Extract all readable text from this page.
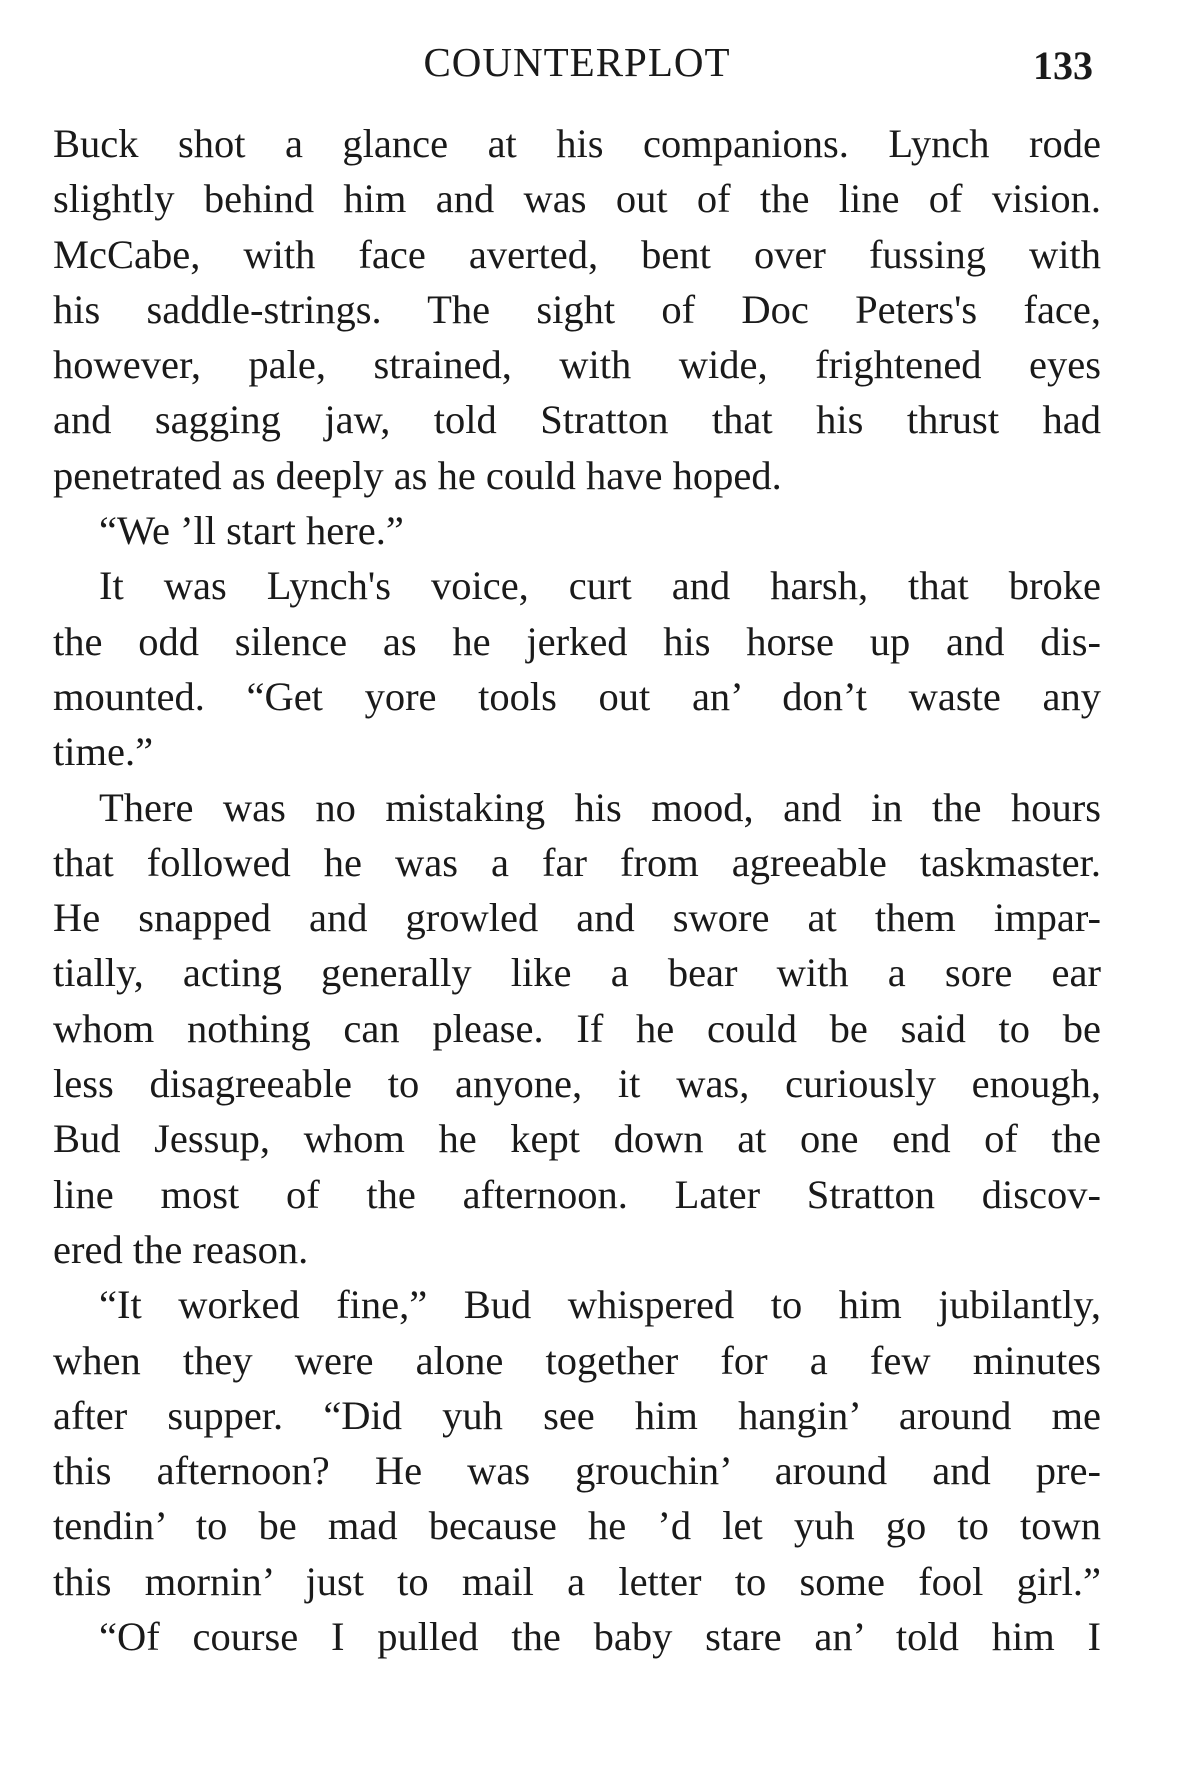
COUNTERPLOT	133
Buck shot a glance at his companions. Lynch rode
slightly behind him and was out of the line of vision.
McCabe, with face averted, bent over fussing with
his saddle-strings. The sight of Doc Peters's face,
however, pale, strained, with wide, frightened eyes
and sagging jaw, told Stratton that his thrust had
penetrated as deeply as he could have hoped.
“We ’ll start here.”
It was Lynch's voice, curt and harsh, that broke
the odd silence as he jerked his horse up and dis-
mounted. “Get yore tools out an’ don’t waste any
time.”
There was no mistaking his mood, and in the hours
that followed he was a far from agreeable taskmaster.
He snapped and growled and swore at them impar-
tially, acting generally like a bear with a sore ear
whom nothing can please. If he could be said to be
less disagreeable to anyone, it was, curiously enough,
Bud Jessup, whom he kept down at one end of the
line most of the afternoon. Later Stratton discov-
ered the reason.
“It worked fine,” Bud whispered to him jubilantly,
when they were alone together for a few minutes
after supper. “Did yuh see him hangin’ around me
this afternoon? He was grouchin’ around and pre-
tendin’ to be mad because he ’d let yuh go to town
this mornin’ just to mail a letter to some fool girl.”
“Of course I pulled the baby stare an’ told him I
